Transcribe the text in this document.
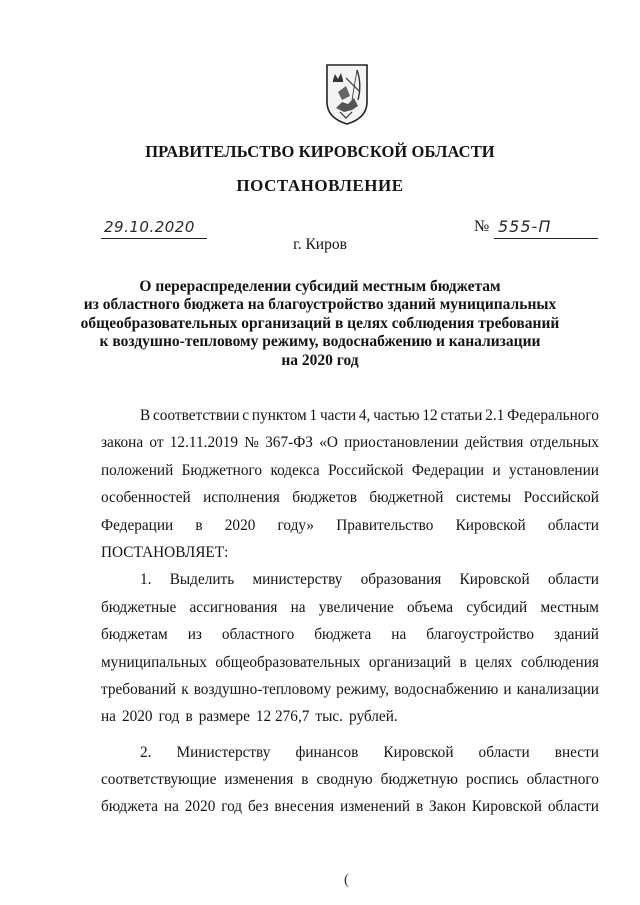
ПРАВИТЕЛЬСТВО КИРОВСКОЙ ОБЛАСТИ
ПОСТАНОВЛЕНИЕ
29.10.2020	№ 555-П
г. Киров
О перераспределении субсидий местным бюджетам
из областного бюджета на благоустройство зданий муниципальных
общеобразовательных организаций в целях соблюдения требований
к воздушно-тепловому режиму, водоснабжению и канализации
на 2020 год
В соответствии с пунктом 1 части 4, частью 12 статьи 2.1 Федерального
закона от 12.11.2019 № 367-ФЗ «О приостановлении действия отдельных
положений Бюджетного кодекса Российской Федерации и установлении
особенностей исполнения бюджетов бюджетной системы Российской
Федерации в 2020 году» Правительство Кировской области
ПОСТАНОВЛЯЕТ:
1. Выделить министерству образования Кировской области
бюджетные ассигнования на увеличение объема субсидий местным
бюджетам из областного бюджета на благоустройство зданий
муниципальных общеобразовательных организаций в целях соблюдения
требований к воздушно-тепловому режиму, водоснабжению и канализации
на 2020 год в размере 12 276,7 тыс. рублей.
2. Министерству финансов Кировской области внести
соответствующие изменения в сводную бюджетную роспись областного
бюджета на 2020 год без внесения изменений в Закон Кировской области
(
